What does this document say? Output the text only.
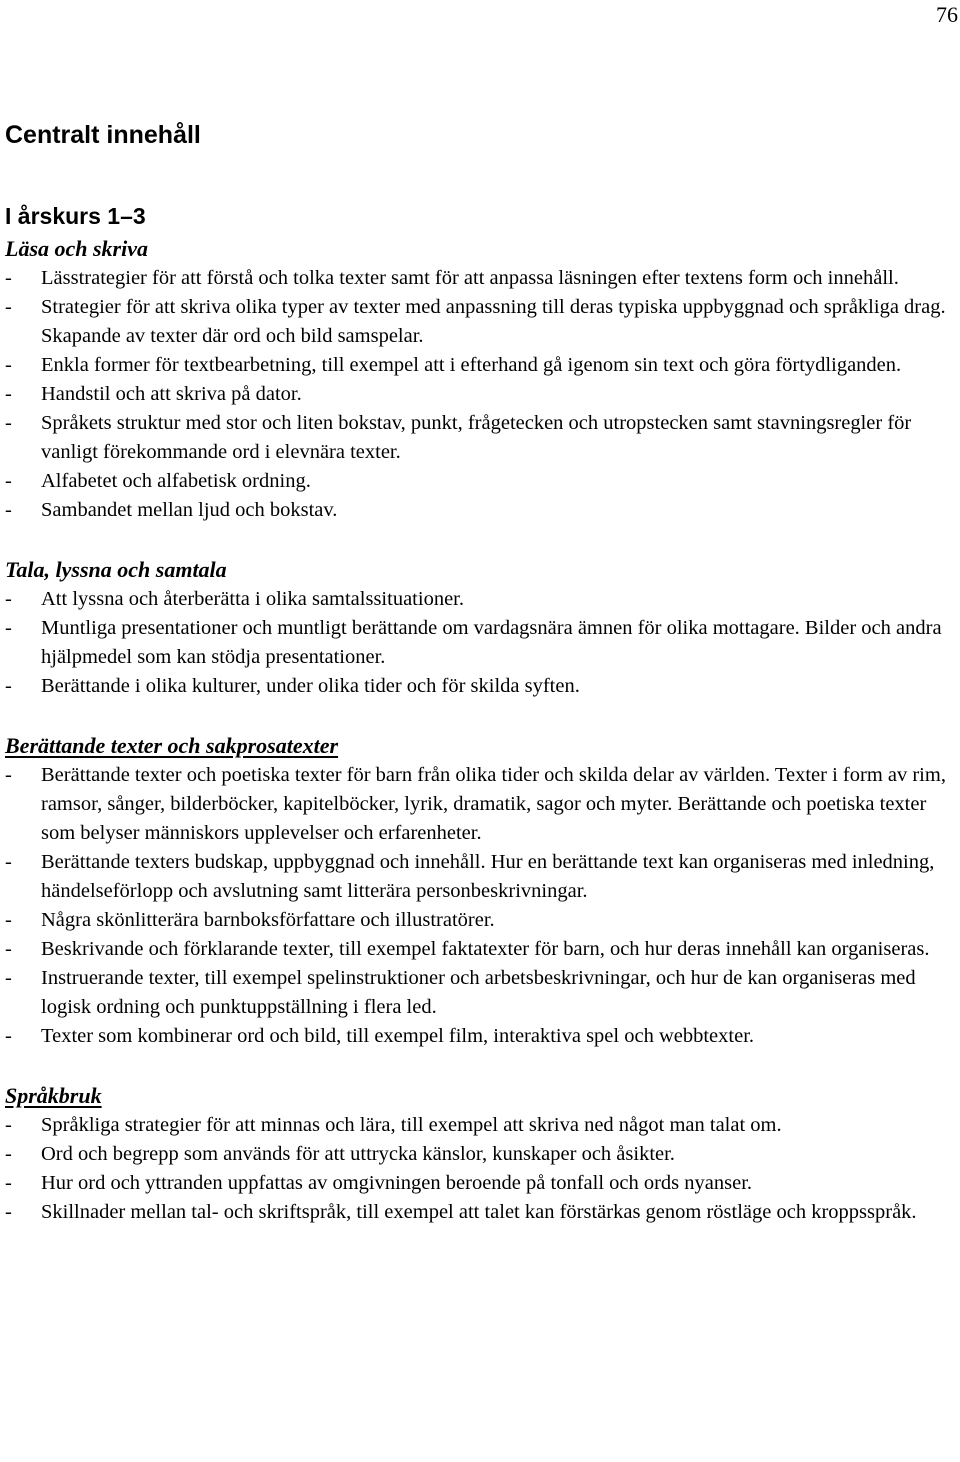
76
Centralt innehåll
I årskurs 1–3
Läsa och skriva
-	Lässtrategier för att förstå och tolka texter samt för att anpassa läsningen efter textens form och innehåll.
-	Strategier för att skriva olika typer av texter med anpassning till deras typiska uppbyggnad och språkliga drag. Skapande av texter där ord och bild samspelar.
-	Enkla former för textbearbetning, till exempel att i efterhand gå igenom sin text och göra förtydliganden.
-	Handstil och att skriva på dator.
-	Språkets struktur med stor och liten bokstav, punkt, frågetecken och utropstecken samt stavningsregler för vanligt förekommande ord i elevnära texter.
-	Alfabetet och alfabetisk ordning.
-	Sambandet mellan ljud och bokstav.
Tala, lyssna och samtala
-	Att lyssna och återberätta i olika samtalssituationer.
-	Muntliga presentationer och muntligt berättande om vardagsnära ämnen för olika mottagare. Bilder och andra hjälpmedel som kan stödja presentationer.
-	Berättande i olika kulturer, under olika tider och för skilda syften.
Berättande texter och sakprosatexter
-	Berättande texter och poetiska texter för barn från olika tider och skilda delar av världen. Texter i form av rim, ramsor, sånger, bilderböcker, kapitelböcker, lyrik, dramatik, sagor och myter. Berättande och poetiska texter som belyser människors upplevelser och erfarenheter.
-	Berättande texters budskap, uppbyggnad och innehåll. Hur en berättande text kan organiseras med inledning, händelseförlopp och avslutning samt litterära personbeskrivningar.
-	Några skönlitterära barnboksförfattare och illustratörer.
-	Beskrivande och förklarande texter, till exempel faktatexter för barn, och hur deras innehåll kan organiseras.
-	Instruerande texter, till exempel spelinstruktioner och arbetsbeskrivningar, och hur de kan organiseras med logisk ordning och punktuppställning i flera led.
-	Texter som kombinerar ord och bild, till exempel film, interaktiva spel och webbtexter.
Språkbruk
-	Språkliga strategier för att minnas och lära, till exempel att skriva ned något man talat om.
-	Ord och begrepp som används för att uttrycka känslor, kunskaper och åsikter.
-	Hur ord och yttranden uppfattas av omgivningen beroende på tonfall och ords nyanser.
-	Skillnader mellan tal- och skriftspråk, till exempel att talet kan förstärkas genom röstläge och kroppsspråk.
